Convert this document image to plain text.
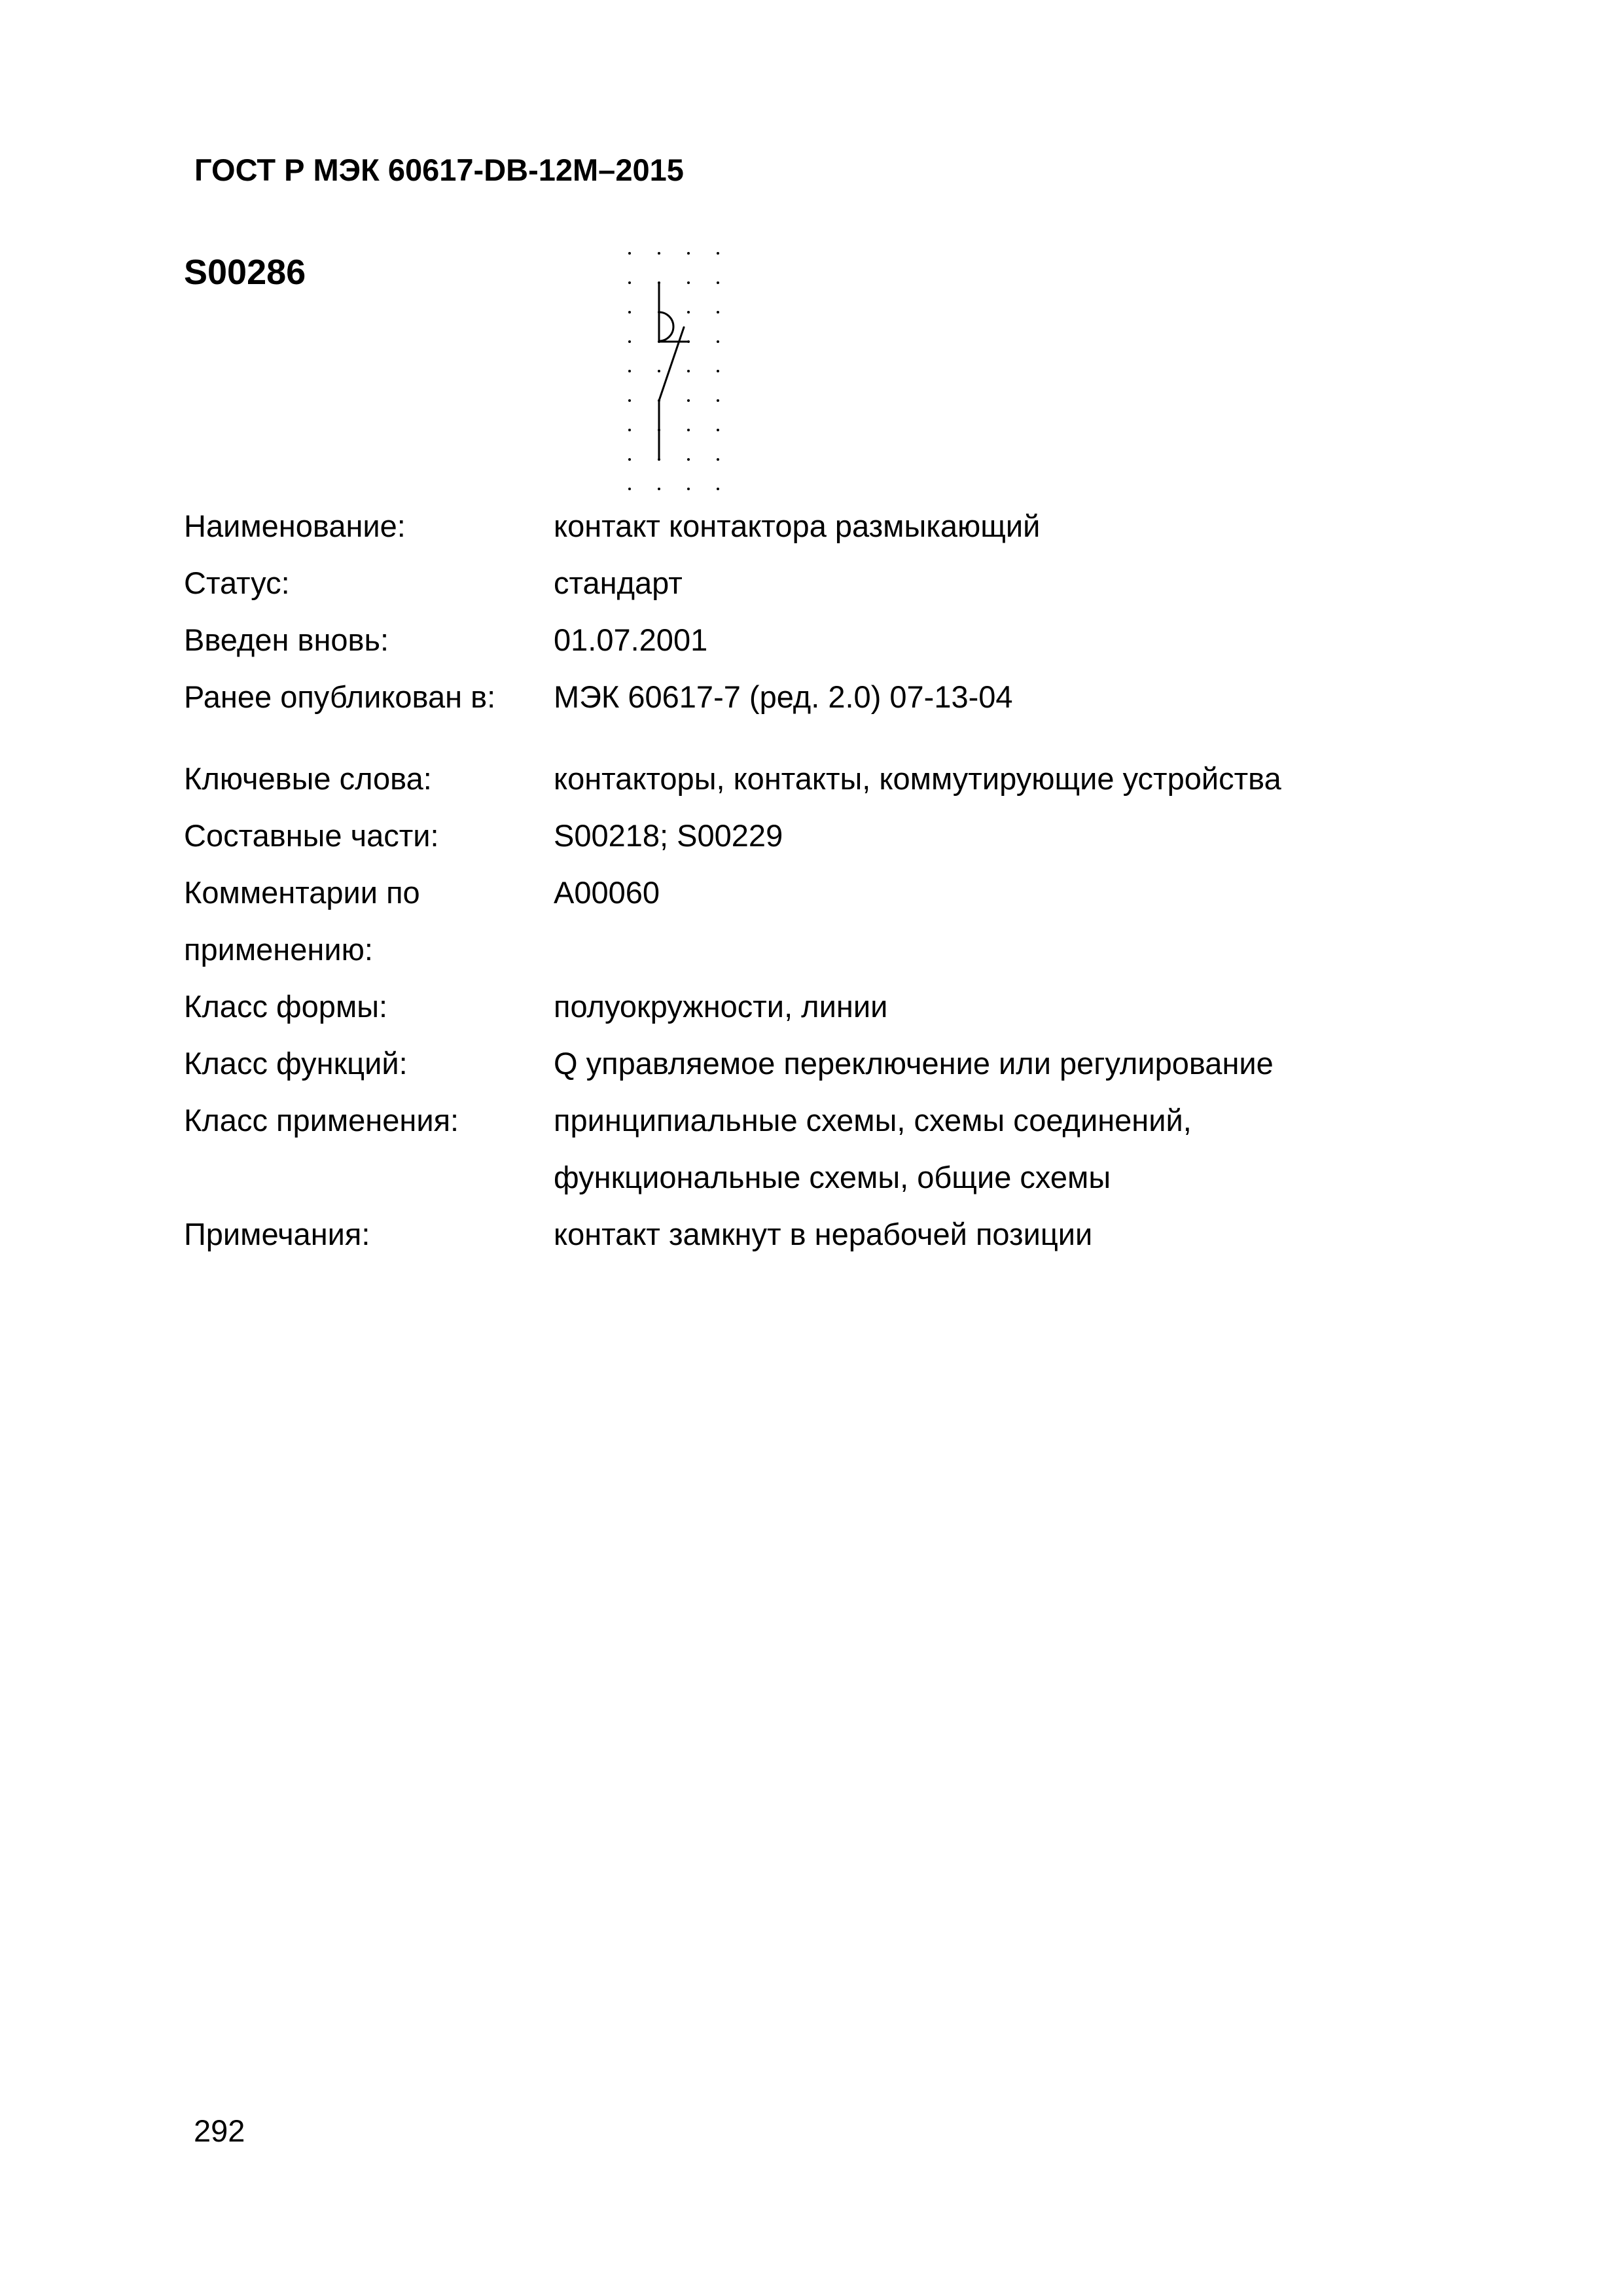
ГОСТ Р МЭК 60617-DB-12M–2015
S00286
Наименование:	контакт контактора размыкающий
Статус:	стандарт
Введен вновь:	01.07.2001
Ранее опубликован в:	МЭК 60617-7 (ред. 2.0) 07-13-04
Ключевые слова:	контакторы, контакты, коммутирующие устройства
Составные части:	S00218; S00229
Комментарии по применению:
A00060
Класс формы:	полуокружности, линии
Класс функций:	Q управляемое переключение или регулирование
Класс применения:	принципиальные схемы, схемы соединений, функциональные схемы, общие схемы
Примечания:	контакт замкнут в нерабочей позиции
292
